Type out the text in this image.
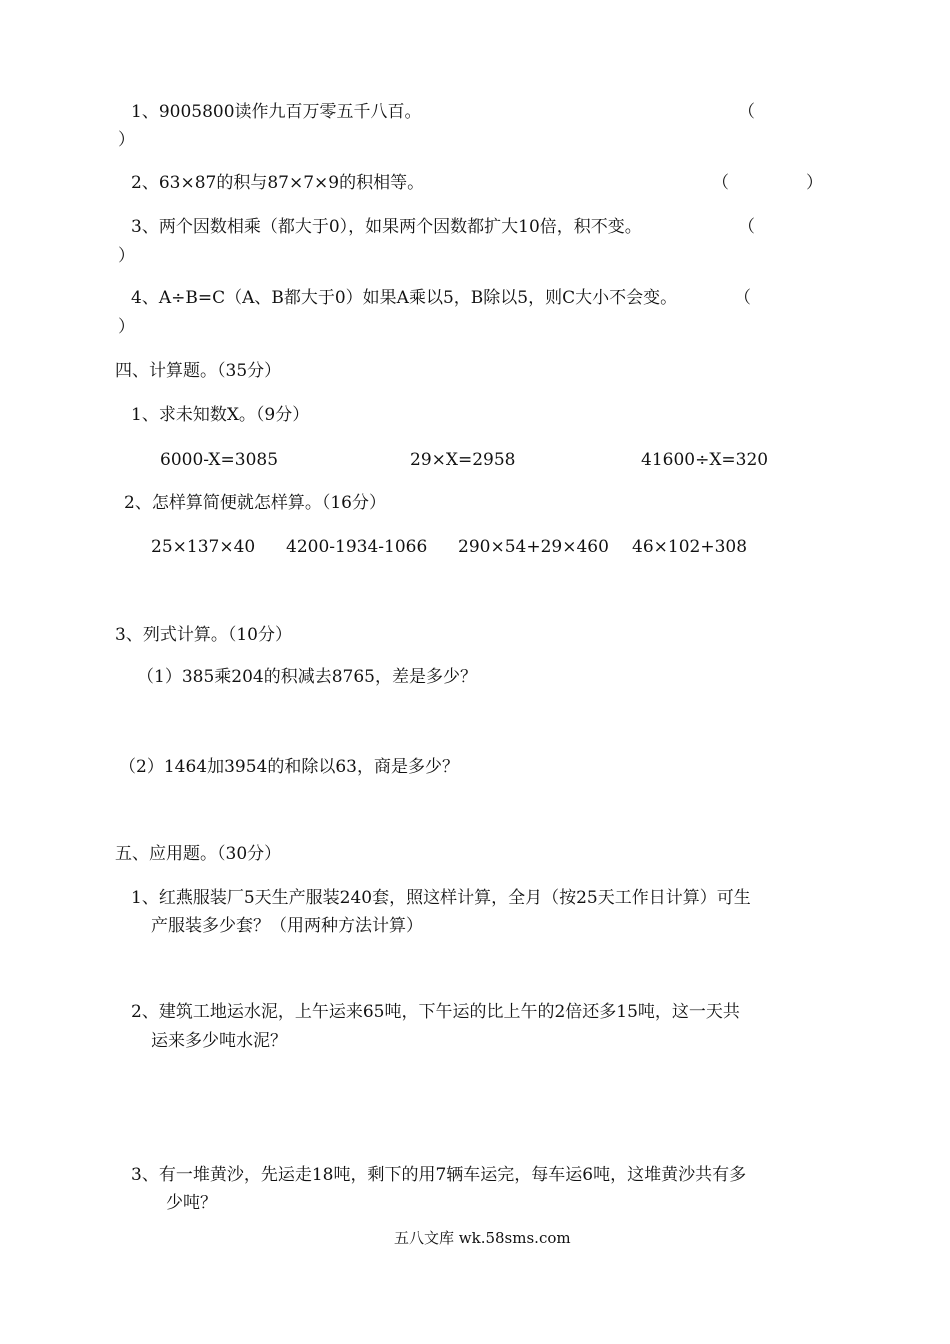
1、9005800读作九百万零五千八百。	（
）
2、63×87的积与87×7×9的积相等。	（	）
3、两个因数相乘（都大于0），如果两个因数都扩大10倍，积不变。	（
）
4、A÷B=C（A、B都大于0）如果A乘以5，B除以5，则C大小不会变。	（
）
四、计算题。（35分）
1、求未知数X。（9分）
6000-X=3085	29×X=2958	41600÷X=320
2、怎样算简便就怎样算。（16分）
25×137×40 4200-1934-1066 290×54+29×460 46×102+308
3、列式计算。（10分）
（1）385乘204的积减去8765，差是多少？
（2）1464加3954的和除以63，商是多少？
五、应用题。（30分）
1、红燕服装厂5天生产服装240套，照这样计算，全月（按25天工作日计算）可生
产服装多少套？（用两种方法计算）
2、建筑工地运水泥，上午运来65吨，下午运的比上午的2倍还多15吨，这一天共
运来多少吨水泥？
3、有一堆黄沙，先运走18吨，剩下的用7辆车运完，每车运6吨，这堆黄沙共有多
少吨？
五八文库 wk.58sms.com
